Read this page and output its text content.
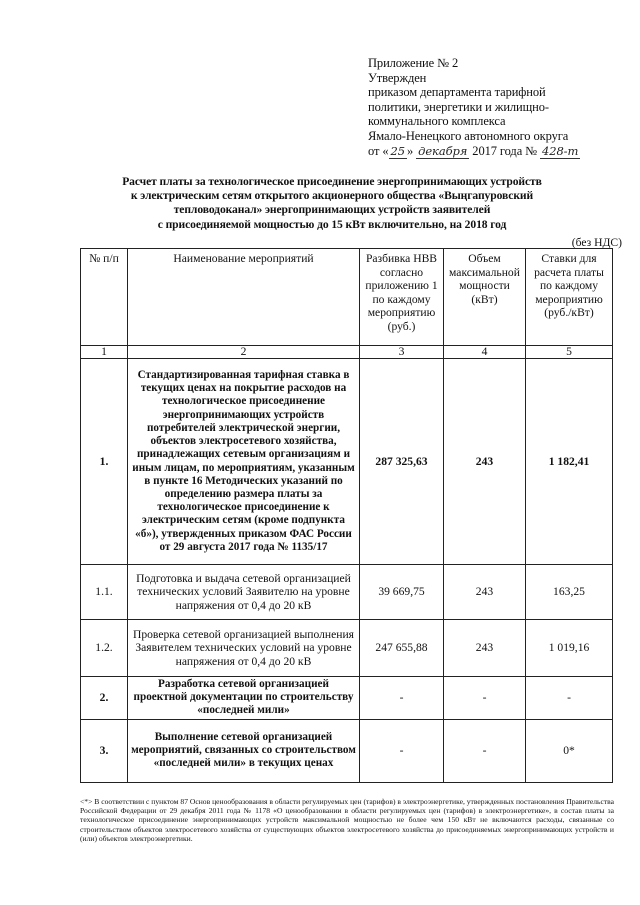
Приложение № 2
Утвержден
приказом департамента тарифной
политики, энергетики и жилищно-
коммунального комплекса
Ямало-Ненецкого автономного округа
от « 25 » декабря 2017 года № 428-т
Расчет платы за технологическое присоединение энергопринимающих устройств
к электрическим сетям открытого акционерного общества «Выңгапуровский
тепловодоканал» энергопринимающих устройств заявителей
с присоединяемой мощностью до 15 кВт включительно, на 2018 год
(без НДС)
№ п/п	Наименование мероприятий	Разбивка НВВ согласно приложению 1 по каждому мероприятию (руб.)	Объем максимальной мощности (кВт)	Ставки для расчета платы по каждому мероприятию (руб./кВт)
1	2	3	4	5
1.	Стандартизированная тарифная ставка в текущих ценах на покрытие расходов на технологическое присоединение энергопринимающих устройств потребителей электрической энергии, объектов электросетевого хозяйства, принадлежащих сетевым организациям и иным лицам, по мероприятиям, указанным в пункте 16 Методических указаний по определению размера платы за технологическое присоединение к электрическим сетям (кроме подпункта «б»), утвержденных приказом ФАС России от 29 августа 2017 года № 1135/17	287 325,63	243	1 182,41
1.1.	Подготовка и выдача сетевой организацией технических условий Заявителю на уровне напряжения от 0,4 до 20 кВ	39 669,75	243	163,25
1.2.	Проверка сетевой организацией выполнения Заявителем технических условий на уровне напряжения от 0,4 до 20 кВ	247 655,88	243	1 019,16
2.	Разработка сетевой организацией проектной документации по строительству «последней мили»	-	-	-
3.	Выполнение сетевой организацией мероприятий, связанных со строительством «последней мили» в текущих ценах	-	-	0*
<*> В соответствии с пунктом 87 Основ ценообразования в области регулируемых цен (тарифов) в электроэнергетике, утвержденных постановления Правительства Российской Федерации от 29 декабря 2011 года № 1178 «О ценообразовании в области регулируемых цен (тарифов) в электроэнергетике», в состав платы за технологическое присоединение энергопринимающих устройств максимальной мощностью не более чем 150 кВт не включаются расходы, связанные со строительством объектов электросетевого хозяйства от существующих объектов электросетевого хозяйства до присоединяемых энергопринимающих устройств и (или) объектов электроэнергетики.
